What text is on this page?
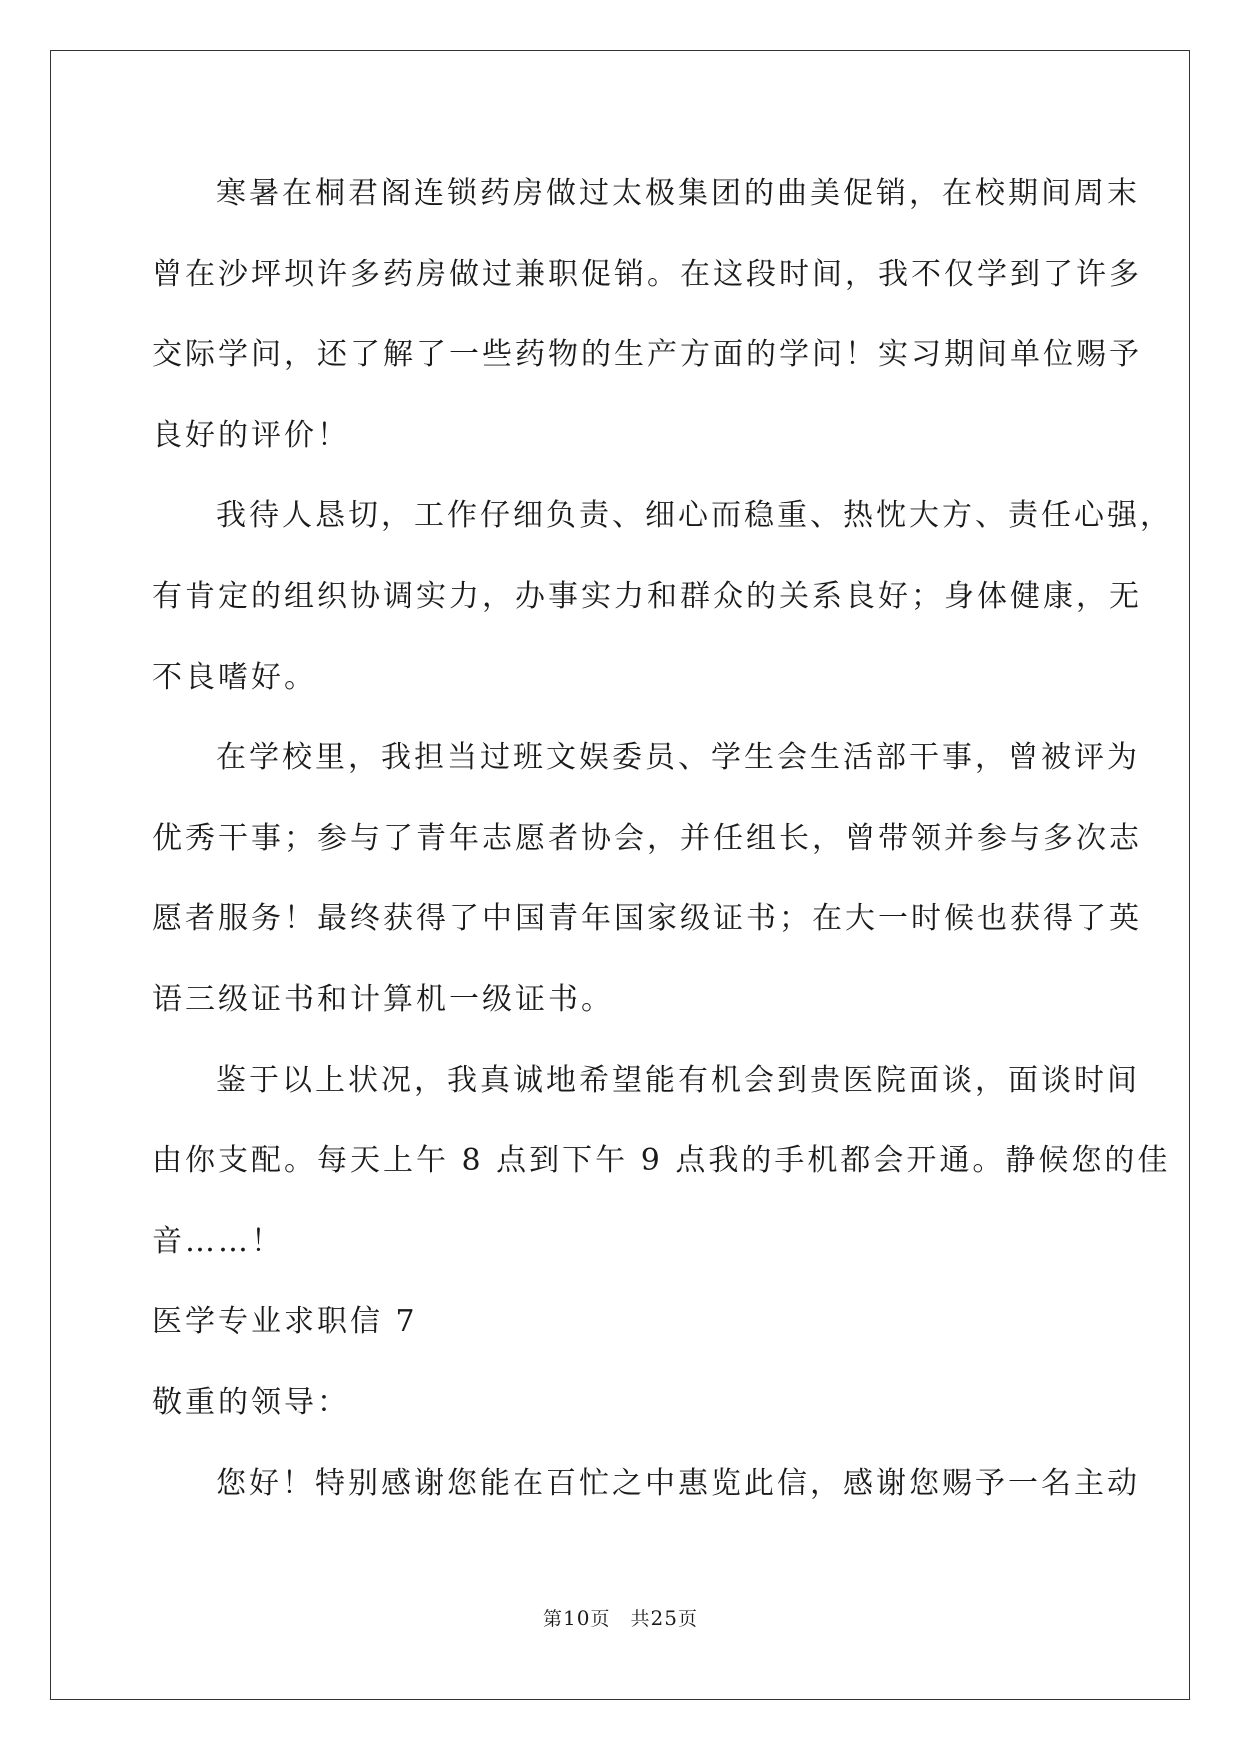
寒暑在桐君阁连锁药房做过太极集团的曲美促销，在校期间周末
曾在沙坪坝许多药房做过兼职促销。在这段时间，我不仅学到了许多
交际学问，还了解了一些药物的生产方面的学问！实习期间单位赐予
良好的评价！
我待人恳切，工作仔细负责、细心而稳重、热忱大方、责任心强，
有肯定的组织协调实力，办事实力和群众的关系良好；身体健康，无
不良嗜好。
在学校里，我担当过班文娱委员、学生会生活部干事，曾被评为
优秀干事；参与了青年志愿者协会，并任组长，曾带领并参与多次志
愿者服务！最终获得了中国青年国家级证书；在大一时候也获得了英
语三级证书和计算机一级证书。
鉴于以上状况，我真诚地希望能有机会到贵医院面谈，面谈时间
由你支配。每天上午 8 点到下午 9 点我的手机都会开通。静候您的佳
音……！
医学专业求职信 7
敬重的领导：
您好！特别感谢您能在百忙之中惠览此信，感谢您赐予一名主动
第10页　共25页
